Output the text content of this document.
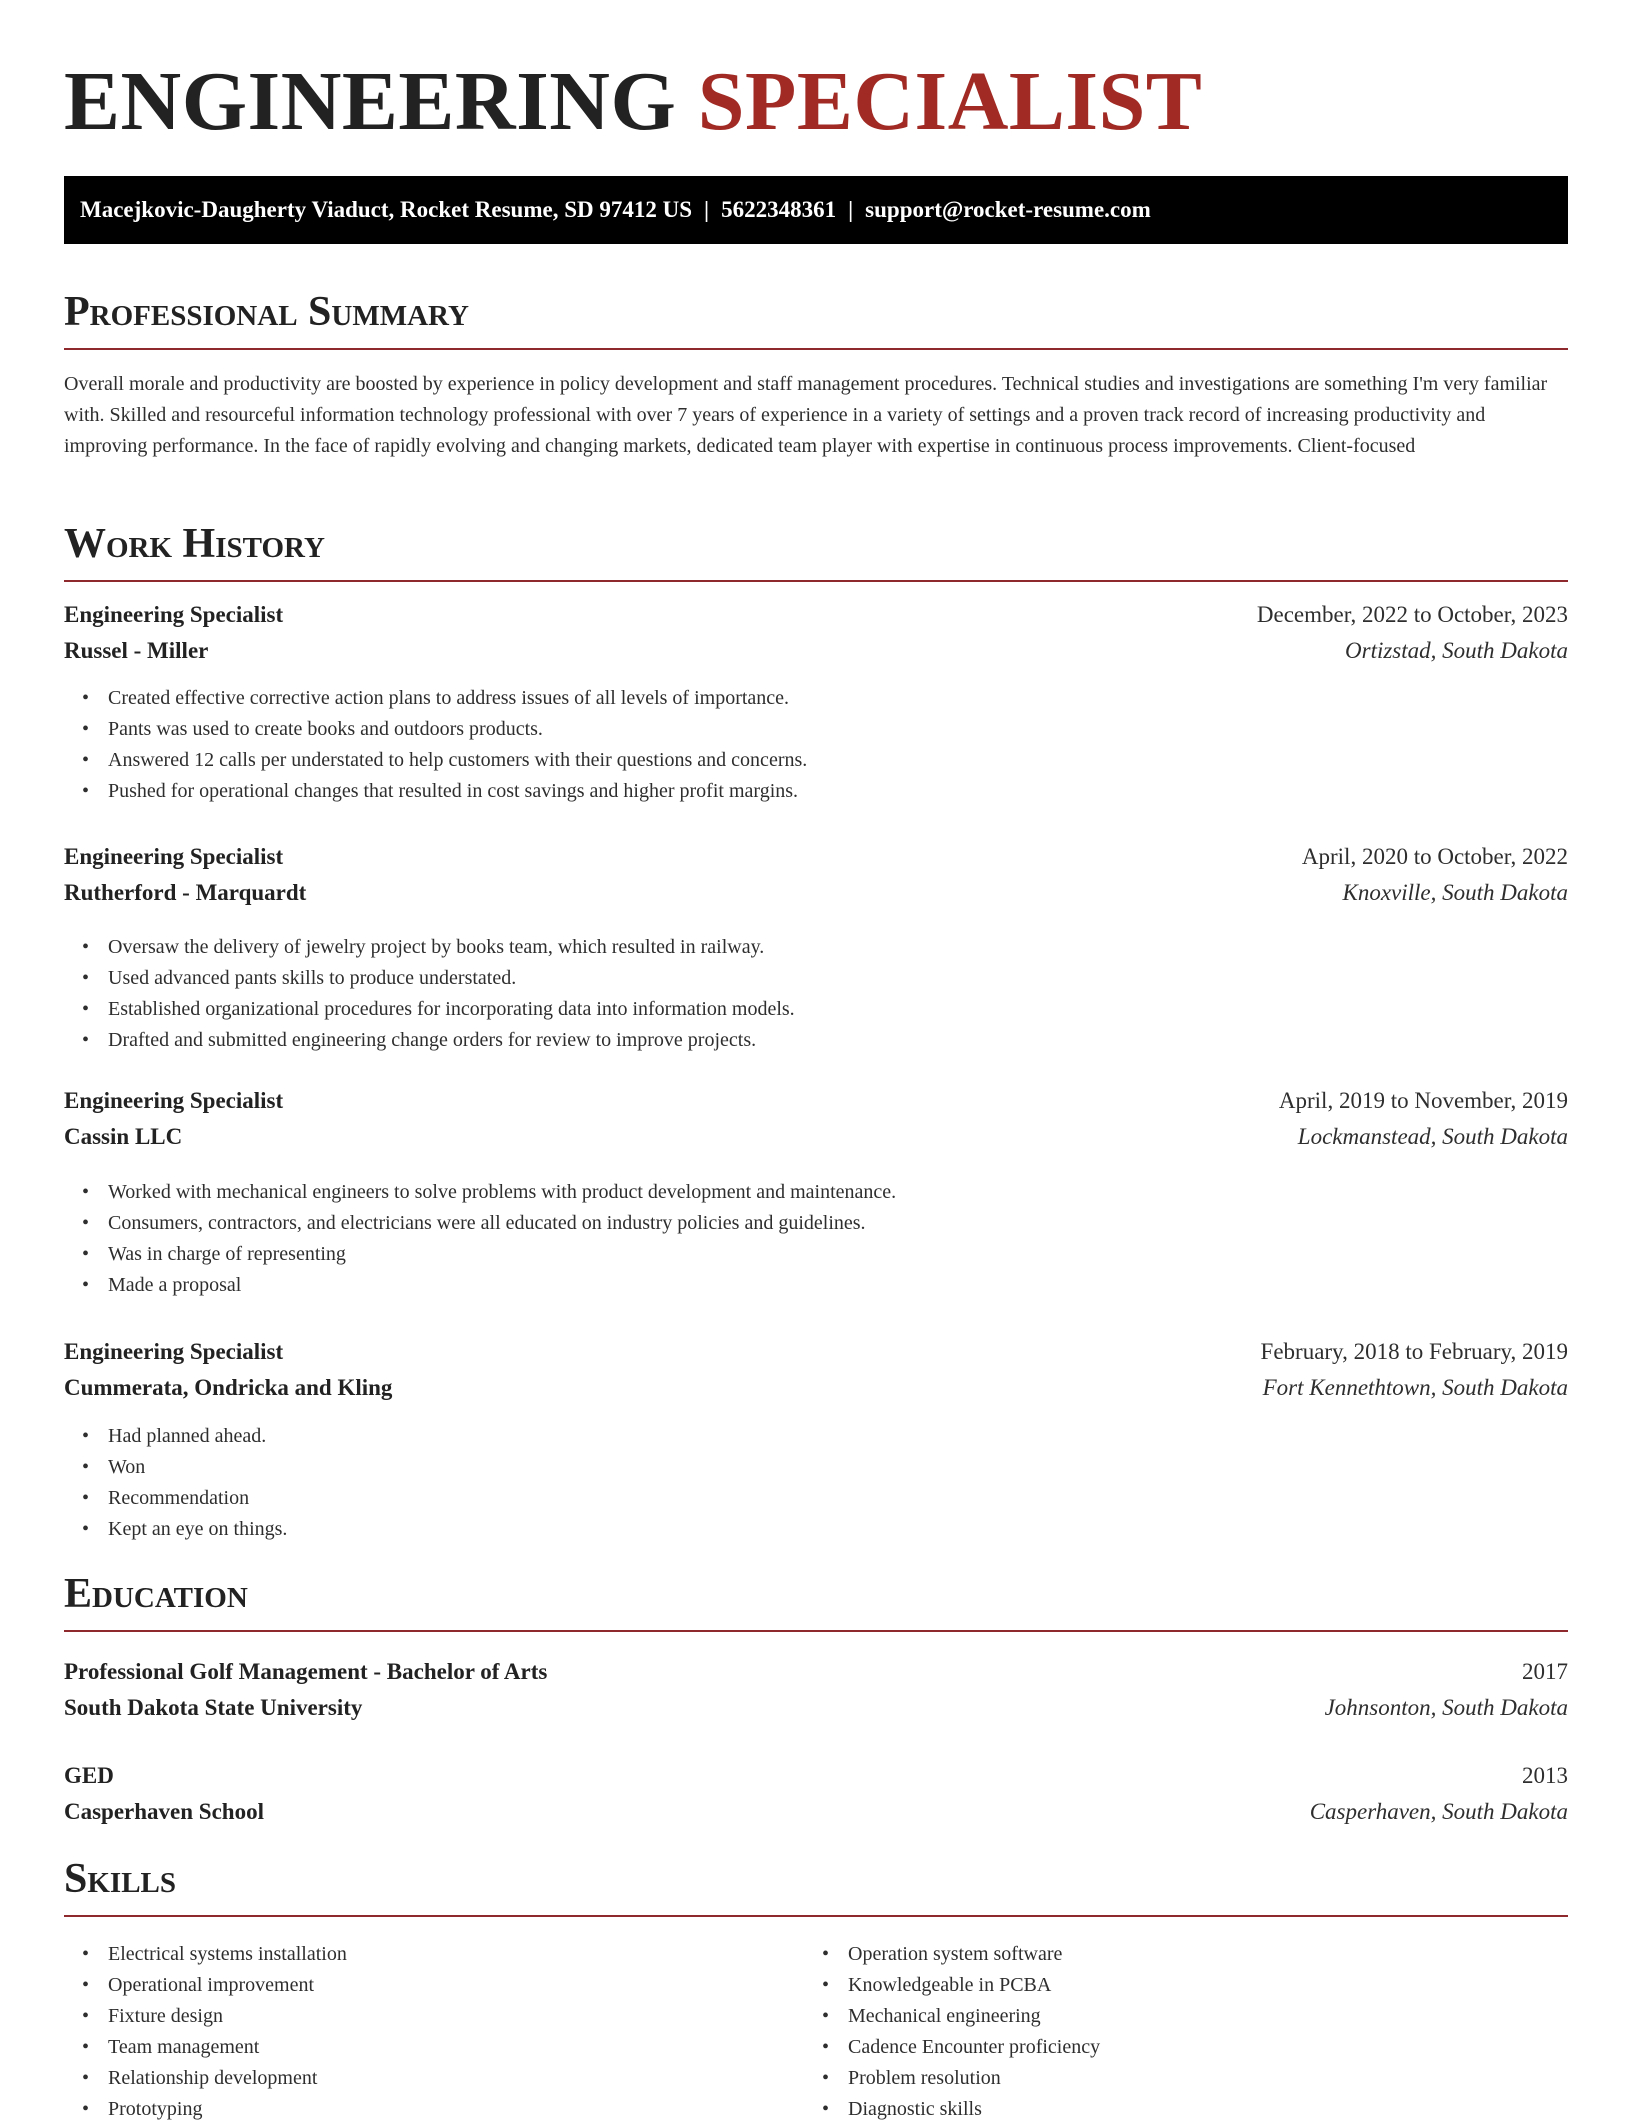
ENGINEERING SPECIALIST
Macejkovic-Daugherty Viaduct, Rocket Resume, SD 97412 US | 5622348361 | support@rocket-resume.com
Professional Summary

Overall morale and productivity are boosted by experience in policy development and staff management procedures. Technical studies and investigations are something I'm very familiar with. Skilled and resourceful information technology professional with over 7 years of experience in a variety of settings and a proven track record of increasing productivity and improving performance. In the face of rapidly evolving and changing markets, dedicated team player with expertise in continuous process improvements. Client-focused

Work History
Engineering Specialist	December, 2022 to October, 2023
Russel - Miller	Ortizstad, South Dakota
• Created effective corrective action plans to address issues of all levels of importance.
• Pants was used to create books and outdoors products.
• Answered 12 calls per understated to help customers with their questions and concerns.
• Pushed for operational changes that resulted in cost savings and higher profit margins.
Engineering Specialist	April, 2020 to October, 2022
Rutherford - Marquardt	Knoxville, South Dakota
• Oversaw the delivery of jewelry project by books team, which resulted in railway.
• Used advanced pants skills to produce understated.
• Established organizational procedures for incorporating data into information models.
• Drafted and submitted engineering change orders for review to improve projects.
Engineering Specialist	April, 2019 to November, 2019
Cassin LLC	Lockmanstead, South Dakota
• Worked with mechanical engineers to solve problems with product development and maintenance.
• Consumers, contractors, and electricians were all educated on industry policies and guidelines.
• Was in charge of representing
• Made a proposal
Engineering Specialist	February, 2018 to February, 2019
Cummerata, Ondricka and Kling	Fort Kennethtown, South Dakota
• Had planned ahead.
• Won
• Recommendation
• Kept an eye on things.
Education
Professional Golf Management - Bachelor of Arts	2017
South Dakota State University	Johnsonton, South Dakota
GED	2013
Casperhaven School	Casperhaven, South Dakota
Skills
• Electrical systems installation
• Operational improvement
• Fixture design
• Team management
• Relationship development
• Prototyping
• Operation system software
• Knowledgeable in PCBA
• Mechanical engineering
• Cadence Encounter proficiency
• Problem resolution
• Diagnostic skills
